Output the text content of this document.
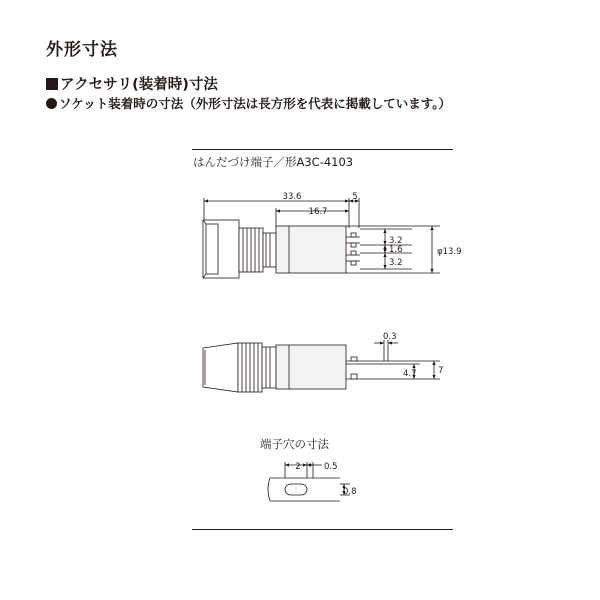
外形寸法
アクセサリ(装着時)寸法
ソケット装着時の寸法（外形寸法は長方形を代表に掲載しています。）
はんだづけ端子／形A3C-4103
33.6	5
16.7
3.2
1.6
3.2
φ13.9
0.3
4.7	7
端子穴の寸法
2	0.5
0.8
